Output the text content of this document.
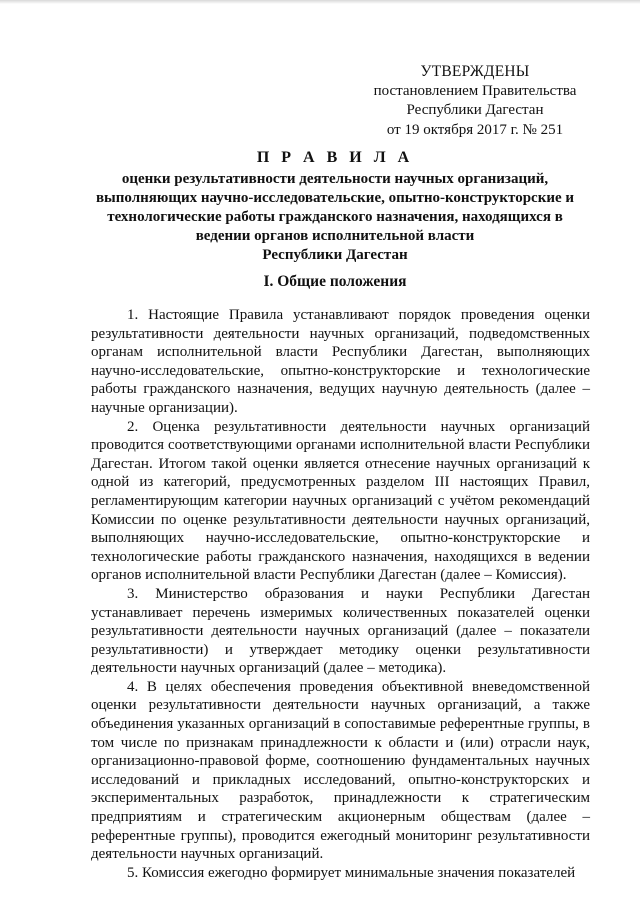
УТВЕРЖДЕНЫ
постановлением Правительства
Республики Дагестан
от 19 октября 2017 г. № 251
П Р А В И Л А
оценки результативности деятельности научных организаций,
выполняющих научно-исследовательские, опытно-конструкторские и
технологические работы гражданского назначения, находящихся в
ведении органов исполнительной власти
Республики Дагестан
I. Общие положения

1. Настоящие Правила устанавливают порядок проведения оценки результативности деятельности научных организаций, подведомственных органам исполнительной власти Республики Дагестан, выполняющих научно-исследовательские, опытно-конструкторские и технологические работы гражданского назначения, ведущих научную деятельность (далее – научные организации).

2. Оценка результативности деятельности научных организаций проводится соответствующими органами исполнительной власти Республики Дагестан. Итогом такой оценки является отнесение научных организаций к одной из категорий, предусмотренных разделом III настоящих Правил, регламентирующим категории научных организаций с учётом рекомендаций Комиссии по оценке результативности деятельности научных организаций, выполняющих научно-исследовательские, опытно-конструкторские и технологические работы гражданского назначения, находящихся в ведении органов исполнительной власти Республики Дагестан (далее – Комиссия).

3. Министерство образования и науки Республики Дагестан устанавливает перечень измеримых количественных показателей оценки результативности деятельности научных организаций (далее – показатели результативности) и утверждает методику оценки результативности деятельности научных организаций (далее – методика).

4. В целях обеспечения проведения объективной вневедомственной оценки результативности деятельности научных организаций, а также объединения указанных организаций в сопоставимые референтные группы, в том числе по признакам принадлежности к области и (или) отрасли наук, организационно-правовой форме, соотношению фундаментальных научных исследований и прикладных исследований, опытно-конструкторских и экспериментальных разработок, принадлежности к стратегическим предприятиям и стратегическим акционерным обществам (далее – референтные группы), проводится ежегодный мониторинг результативности деятельности научных организаций.

5. Комиссия ежегодно формирует минимальные значения показателей
